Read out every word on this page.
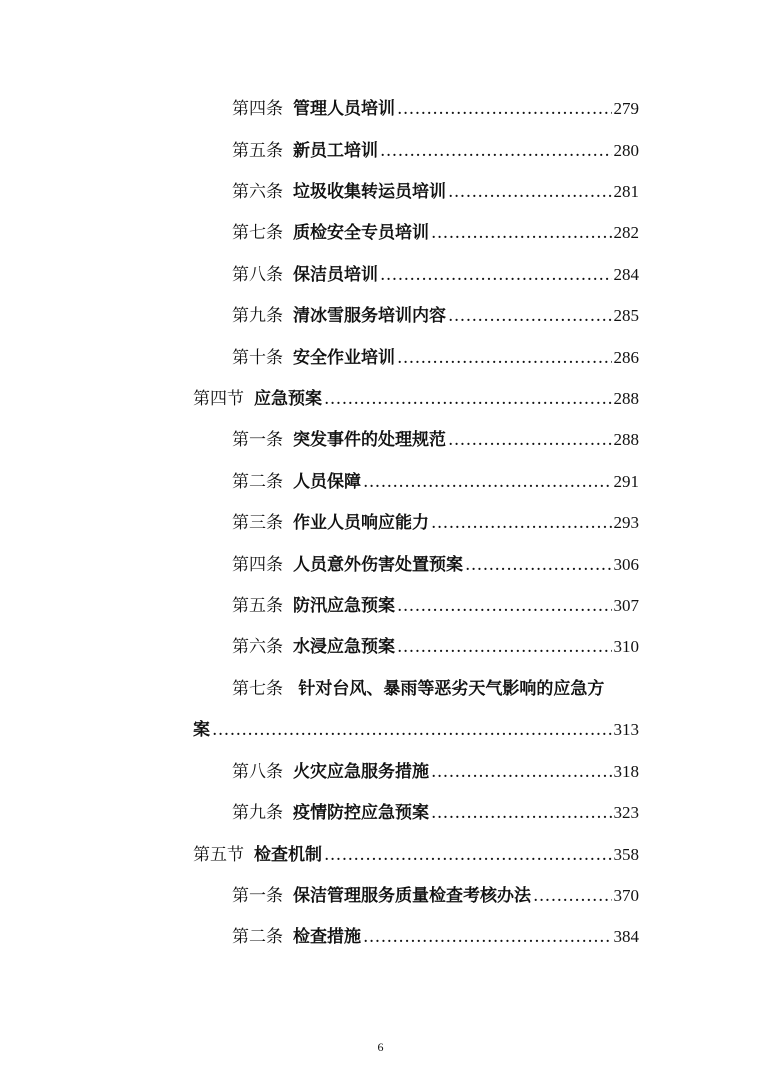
第四条 管理人员培训 .....	279
第五条 新员工培训 .....	280
第六条 垃圾收集转运员培训 .....	281
第七条 质检安全专员培训 .....	282
第八条 保洁员培训 .....	284
第九条 清冰雪服务培训内容 .....	285
第十条 安全作业培训 .....	286
第四节 应急预案 .....	288
第一条 突发事件的处理规范 .....	288
第二条 人员保障 .....	291
第三条 作业人员响应能力 .....	293
第四条 人员意外伤害处置预案 .....	306
第五条 防汛应急预案 .....	307
第六条 水浸应急预案 .....	310
第七条 针对台风、暴雨等恶劣天气影响的应急方
案 .....	313
第八条 火灾应急服务措施 .....	318
第九条 疫情防控应急预案 .....	323
第五节 检查机制 .....	358
第一条 保洁管理服务质量检查考核办法 .....	370
第二条 检查措施 .....	384
6
